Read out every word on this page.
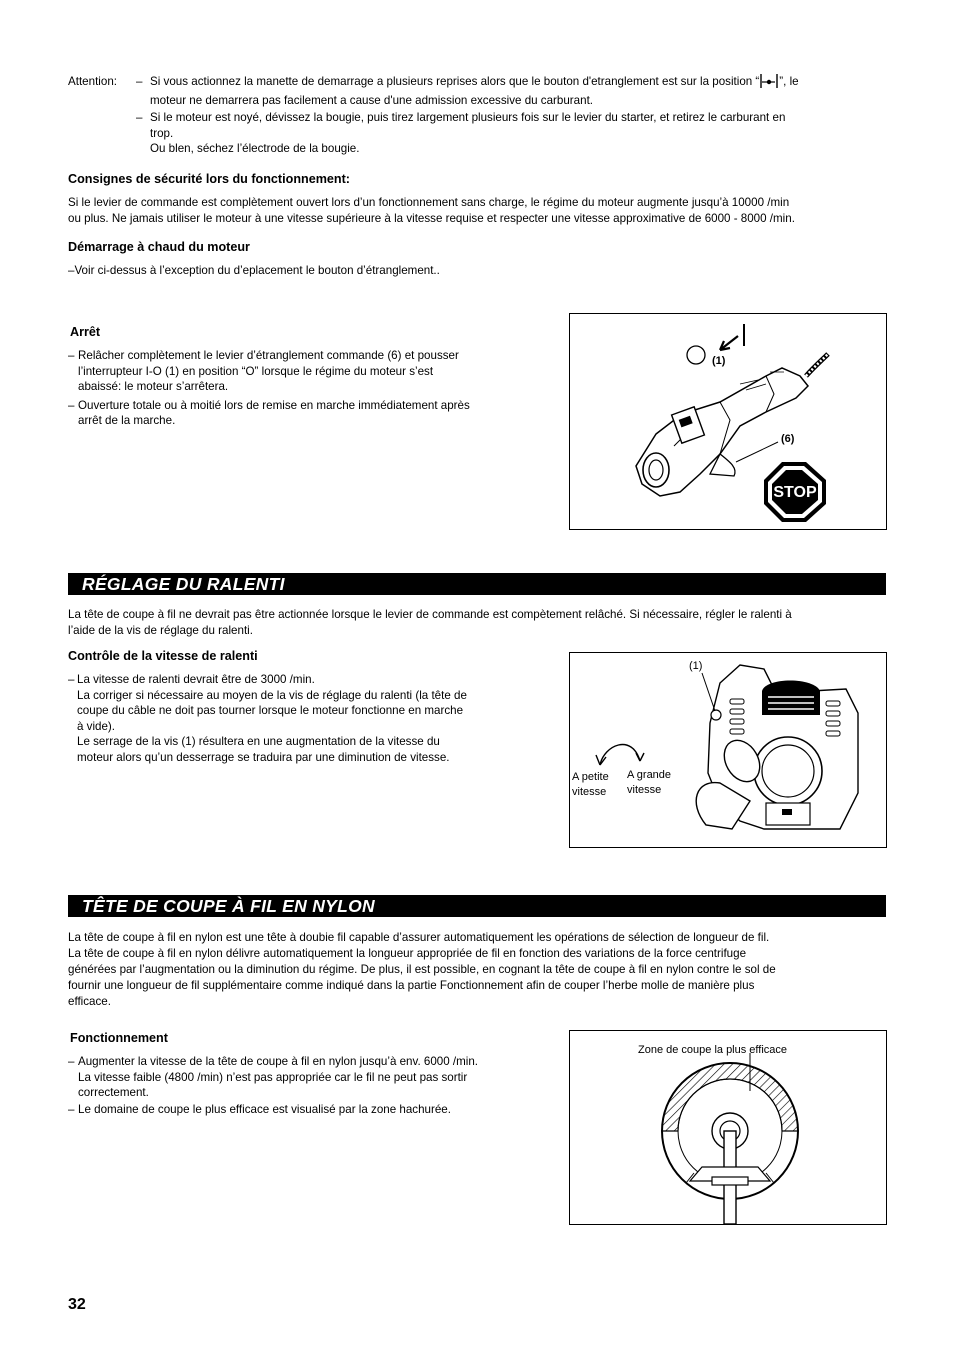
Attention: – Si vous actionnez la manette de demarrage a plusieurs reprises alors que le bouton d'etranglement est sur la position “ ”, le
moteur ne demarrera pas facilement a cause d'une admission excessive du carburant.
– Si le moteur est noyé, dévissez la bougie, puis tirez largement plusieurs fois sur le levier du starter, et retirez le carburant en
trop.
Ou blen, séchez l’électrode de la bougie.
Consignes de sécurité lors du fonctionnement:
Si le levier de commande est complètement ouvert lors d’un fonctionnement sans charge, le régime du moteur augmente jusqu’à 10000 /min
ou plus. Ne jamais utiliser le moteur à une vitesse supérieure à la vitesse requise et respecter une vitesse approximative de 6000 - 8000 /min.
Démarrage à chaud du moteur
–Voir ci-dessus à l’exception du d’eplacement le bouton d’étranglement..
Arrêt
– Relâcher complètement le levier d’étranglement commande (6) et pousser
l’interrupteur I-O (1) en position “O” lorsque le régime du moteur s’est
abaissé: le moteur s’arrêtera.
– Ouverture totale ou à moitié lors de remise en marche immédiatement après
arrêt de la marche.
(1)
(6)
STOP
RÉGLAGE DU RALENTI
La tête de coupe à fil ne devrait pas être actionnée lorsque le levier de commande est compètement relâché. Si nécessaire, régler le ralenti à
l’aide de la vis de réglage du ralenti.
Contrôle de la vitesse de ralenti
– La vitesse de ralenti devrait être de 3000 /min.
La corriger si nécessaire au moyen de la vis de réglage du ralenti (la tête de
coupe du câble ne doit pas tourner lorsque le moteur fonctionne en marche
à vide).
Le serrage de la vis (1) résultera en une augmentation de la vitesse du
moteur alors qu’un desserrage se traduira par une diminution de vitesse.
(1)
A petite
vitesse
A grande
vitesse
TÊTE DE COUPE À FIL EN NYLON
La tête de coupe à fil en nylon est une tête à doubie fil capable d’assurer automatiquement les opérations de sélection de longueur de fil.
La tête de coupe à fil en nylon délivre automatiquement la longueur appropriée de fil en fonction des variations de la force centrifuge
générées par l’augmentation ou la diminution du régime. De plus, il est possible, en cognant la tête de coupe à fil en nylon contre le sol de
fournir une longueur de fil supplémentaire comme indiqué dans la partie Fonctionnement afin de couper l’herbe molle de manière plus
efficace.
Fonctionnement
– Augmenter la vitesse de la tête de coupe à fil en nylon jusqu’à env. 6000 /min.
La vitesse faible (4800 /min) n’est pas appropriée car le fil ne peut pas sortir
correctement.
– Le domaine de coupe le plus efficace est visualisé par la zone hachurée.
Zone de coupe la plus efficace
32
